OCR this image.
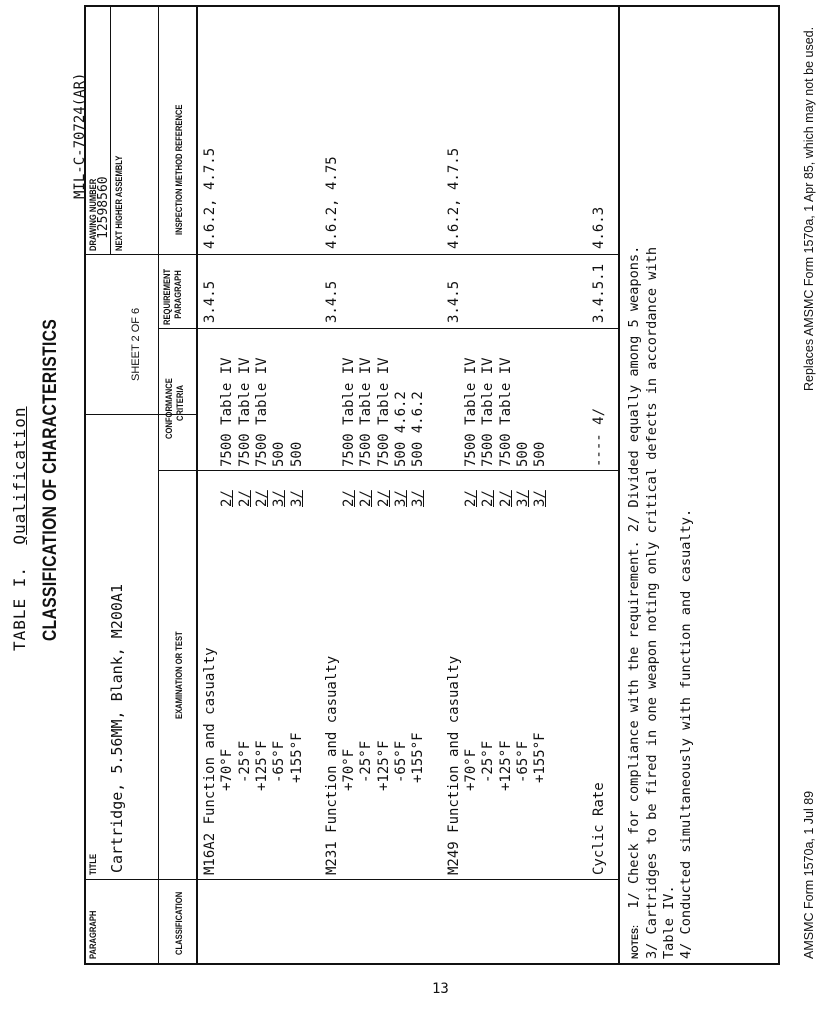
TABLE I.  Qualification CLASSIFICATION OF CHARACTERISTICS
MIL-C-70724(AR)
PARAGRAPH
TITLE Cartridge, 5.56MM, Blank, M200A1
SHEET 2 OF 6
DRAWING NUMBER
12598560 NEXT HIGHER ASSEMBLY
CLASSIFICATION
EXAMINATION OR TEST
CONFORMANCE CRITERIA
REQUIREMENT PARAGRAPH
INSPECTION METHOD REFERENCE
M16A2 Function and casualty
3.4.5
4.6.2, 4.7.5
+70°F
2/
7500 Table IV
-25°F
2/
7500 Table IV
+125°F
2/
7500 Table IV
-65°F
3/
500
+155°F
3/
500
M231 Function and casualty
3.4.5
4.6.2, 4.75
+70°F
2/
7500 Table IV
-25°F
2/
7500 Table IV
+125°F
2/
7500 Table IV
-65°F
3/
500 4.6.2
+155°F
3/
500 4.6.2
M249 Function and casualty
3.4.5
4.6.2, 4.7.5
+70°F
2/
7500 Table IV
-25°F
2/
7500 Table IV
+125°F
2/
7500 Table IV
-65°F
3/
500
+155°F
3/
500
Cyclic Rate
---- 4/
3.4.5.1
4.6.3
NOTES:  1/ Check for compliance with the requirement. 2/ Divided equally among 5 weapons. 3/ Cartridges to be fired in one weapon noting only critical defects in accordance with Table IV. 4/ Conducted simultaneously with function and casualty.	AMSMC Form 1570a, 1 Jul 89
Replaces AMSMC Form 1570a, 1 Apr 85, which may not be used.
13
